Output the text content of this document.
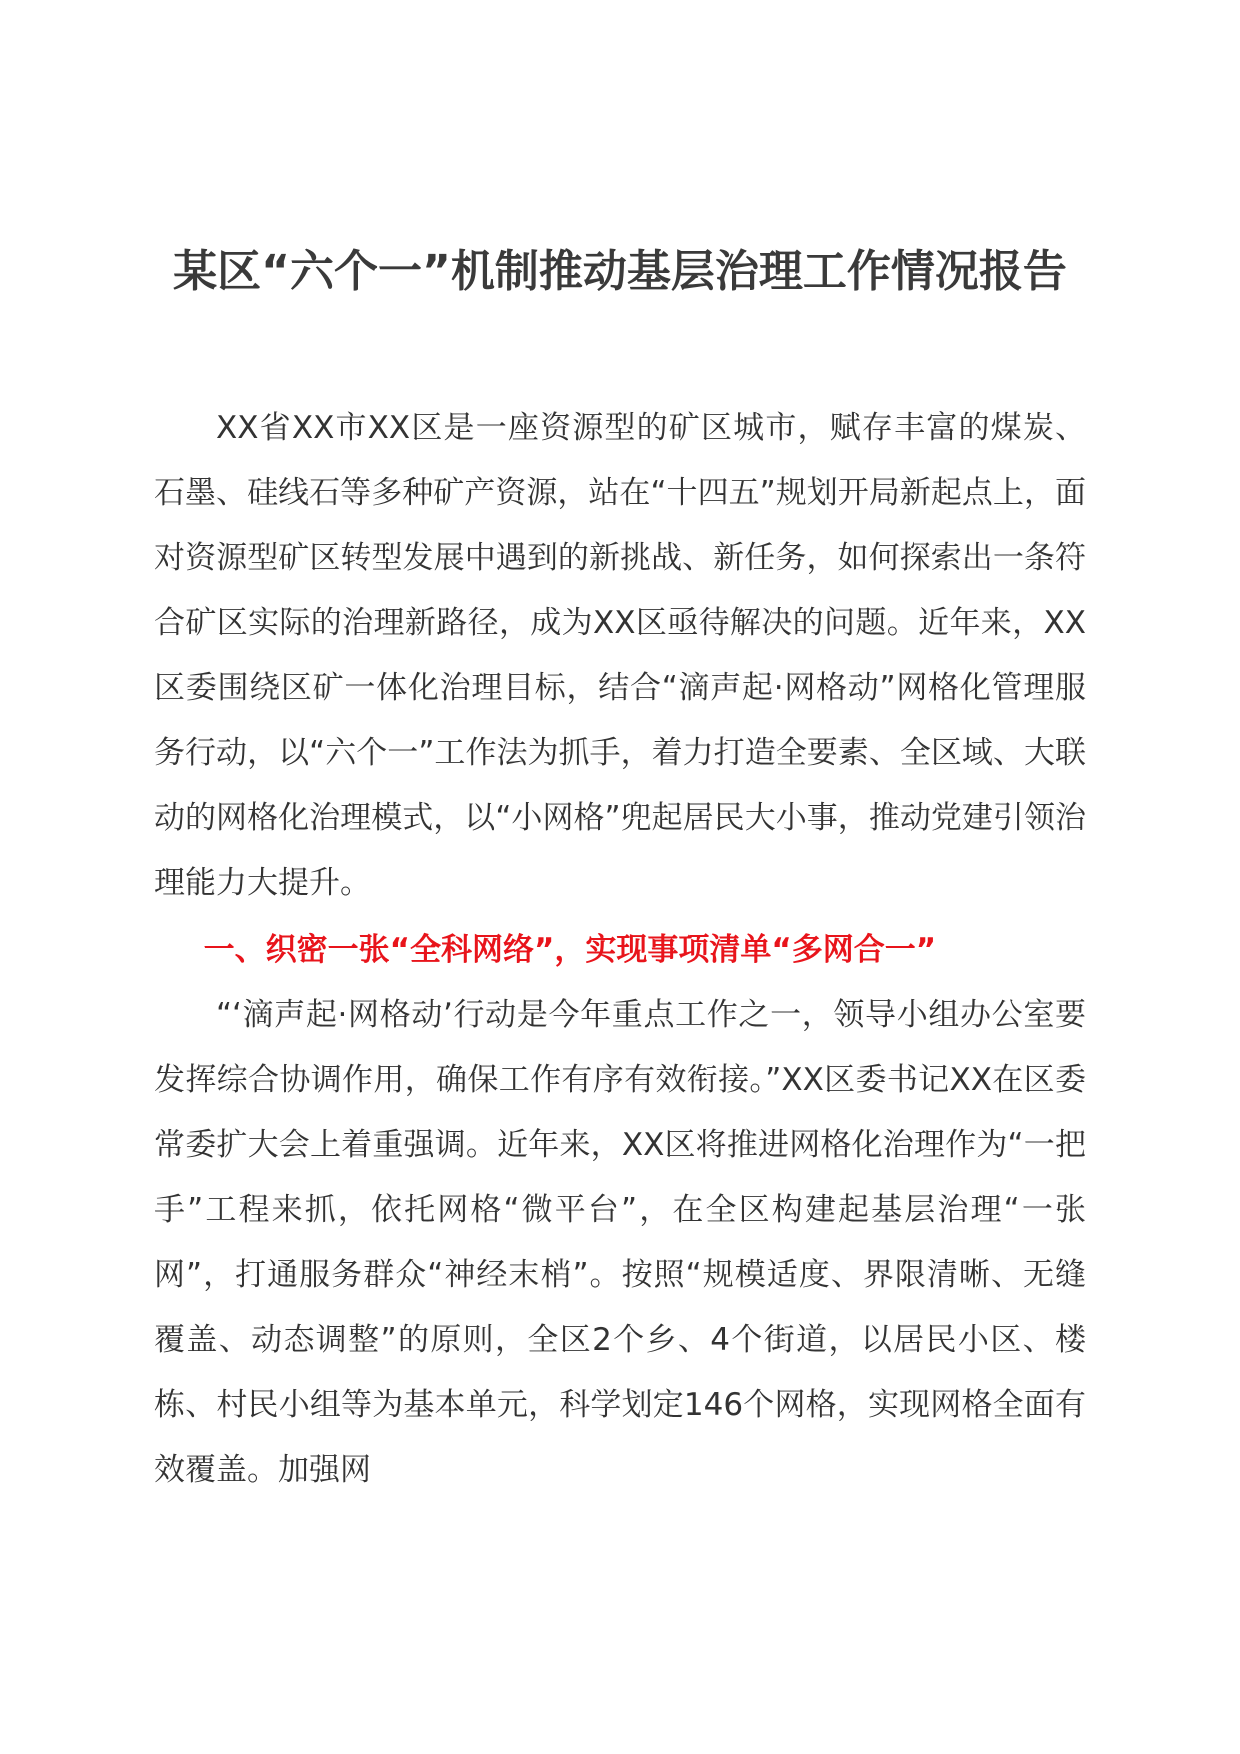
某区“六个一”机制推动基层治理工作情况报告

XX省XX市XX区是一座资源型的矿区城市，赋存丰富的煤炭、石墨、硅线石等多种矿产资源，站在“十四五”规划开局新起点上，面对资源型矿区转型发展中遇到的新挑战、新任务，如何探索出一条符合矿区实际的治理新路径，成为XX区亟待解决的问题。近年来，XX区委围绕区矿一体化治理目标，结合“滴声起·网格动”网格化管理服务行动，以“六个一”工作法为抓手，着力打造全要素、全区域、大联动的网格化治理模式，以“小网格”兜起居民大小事，推动党建引领治理能力大提升。

一、织密一张“全科网络”，实现事项清单“多网合一”

“‘滴声起·网格动’行动是今年重点工作之一，领导小组办公室要发挥综合协调作用，确保工作有序有效衔接。”XX区委书记XX在区委常委扩大会上着重强调。近年来，XX区将推进网格化治理作为“一把手”工程来抓，依托网格“微平台”，在全区构建起基层治理“一张网”，打通服务群众“神经末梢”。按照“规模适度、界限清晰、无缝覆盖、动态调整”的原则，全区2个乡、4个街道，以居民小区、楼栋、村民小组等为基本单元，科学划定146个网格，实现网格全面有效覆盖。加强网
